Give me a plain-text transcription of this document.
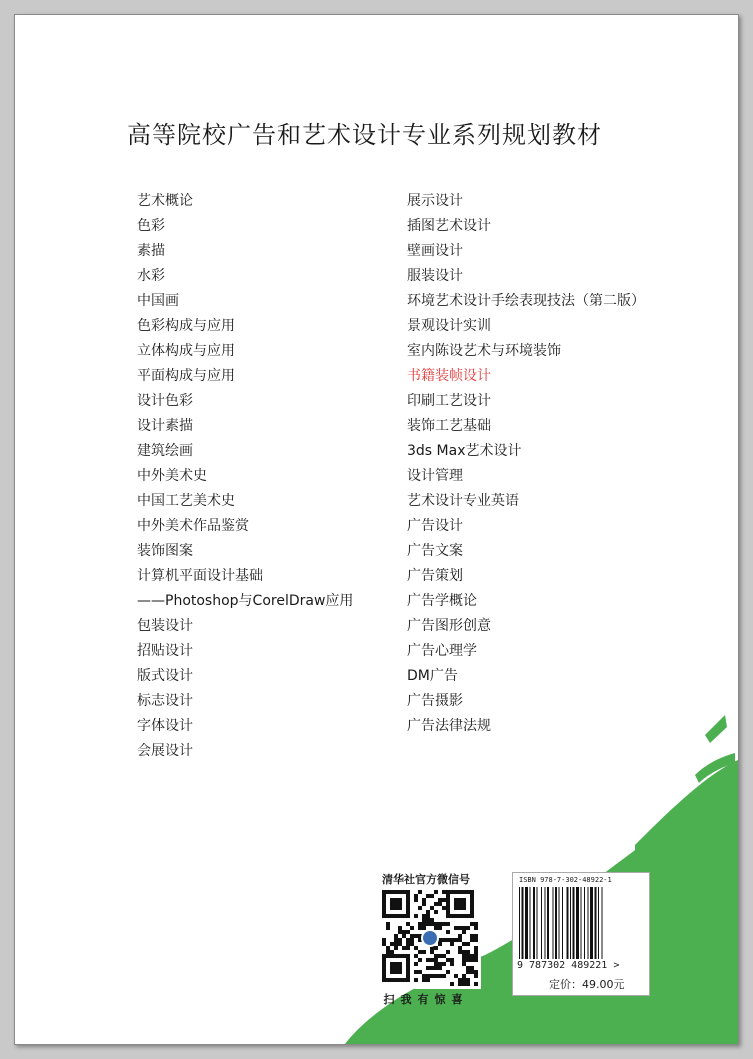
高等院校广告和艺术设计专业系列规划教材
艺术概论
色彩
素描
水彩
中国画
色彩构成与应用
立体构成与应用
平面构成与应用
设计色彩
设计素描
建筑绘画
中外美术史
中国工艺美术史
中外美术作品鉴赏
装饰图案
计算机平面设计基础
——Photoshop与CorelDraw应用
包装设计
招贴设计
版式设计
标志设计
字体设计
会展设计
展示设计
插图艺术设计
壁画设计
服装设计
环境艺术设计手绘表现技法（第二版）
景观设计实训
室内陈设艺术与环境装饰
书籍装帧设计
印刷工艺设计
装饰工艺基础
3ds Max艺术设计
设计管理
艺术设计专业英语
广告设计
广告文案
广告策划
广告学概论
广告图形创意
广告心理学
DM广告
广告摄影
广告法律法规
清华社官方微信号
扫我有惊喜
ISBN 978-7-302-48922-1
9 787302 489221 >
定价：49.00元
